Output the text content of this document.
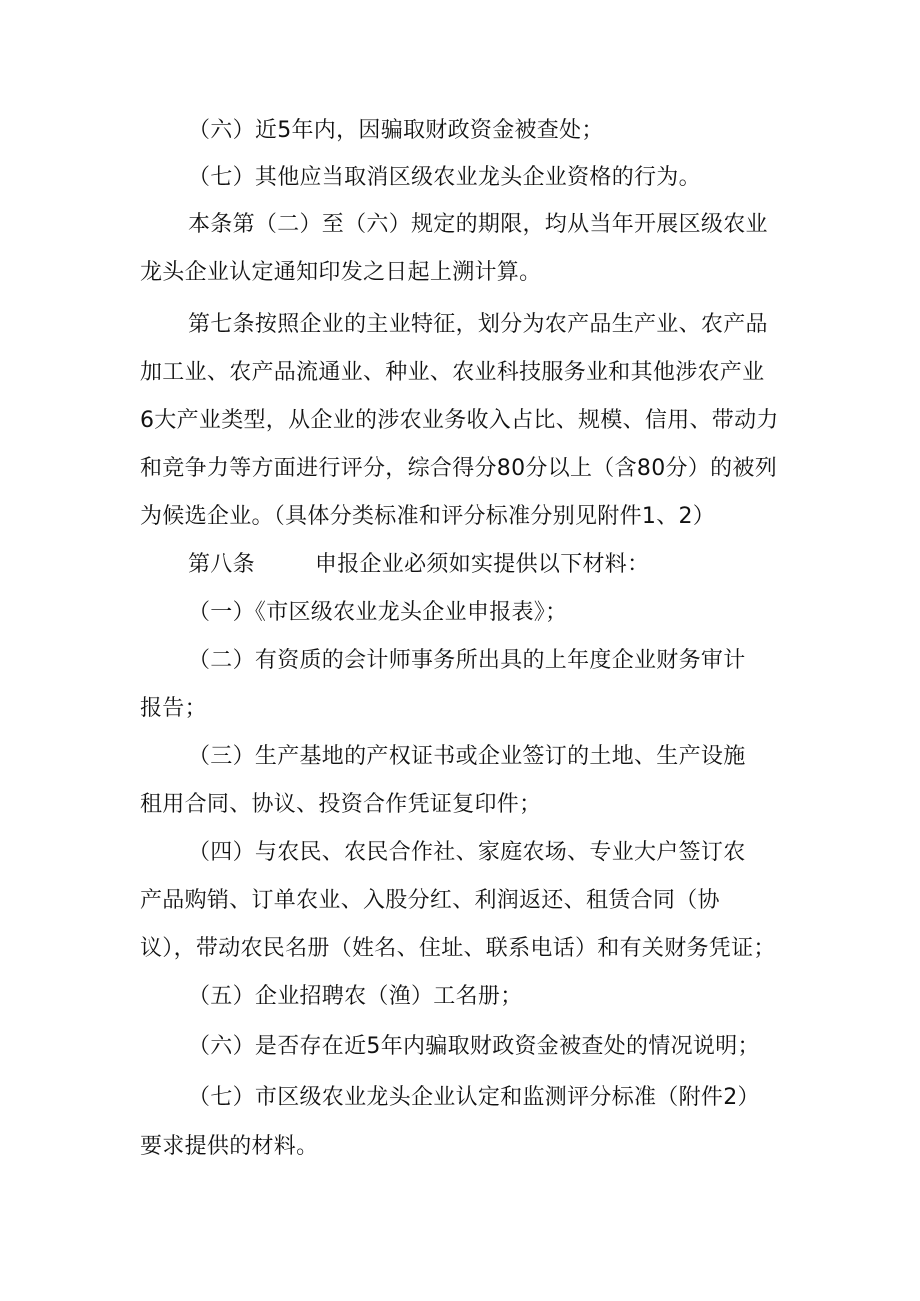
（六）近5年内，因骗取财政资金被查处；

（七）其他应当取消区级农业龙头企业资格的行为。

本条第（二）至（六）规定的期限，均从当年开展区级农业

龙头企业认定通知印发之日起上溯计算。

第七条按照企业的主业特征，划分为农产品生产业、农产品

加工业、农产品流通业、种业、农业科技服务业和其他涉农产业

6大产业类型，从企业的涉农业务收入占比、规模、信用、带动力

和竞争力等方面进行评分，综合得分80分以上（含80分）的被列

为候选企业。（具体分类标准和评分标准分别见附件1、2）

第八条	申报企业必须如实提供以下材料：

（一）《市区级农业龙头企业申报表》；

（二）有资质的会计师事务所出具的上年度企业财务审计

报告；

（三）生产基地的产权证书或企业签订的土地、生产设施

租用合同、协议、投资合作凭证复印件；

（四）与农民、农民合作社、家庭农场、专业大户签订农

产品购销、订单农业、入股分红、利润返还、租赁合同（协

议），带动农民名册（姓名、住址、联系电话）和有关财务凭证；

（五）企业招聘农（渔）工名册；

（六）是否存在近5年内骗取财政资金被查处的情况说明；

（七）市区级农业龙头企业认定和监测评分标准（附件2）

要求提供的材料。
